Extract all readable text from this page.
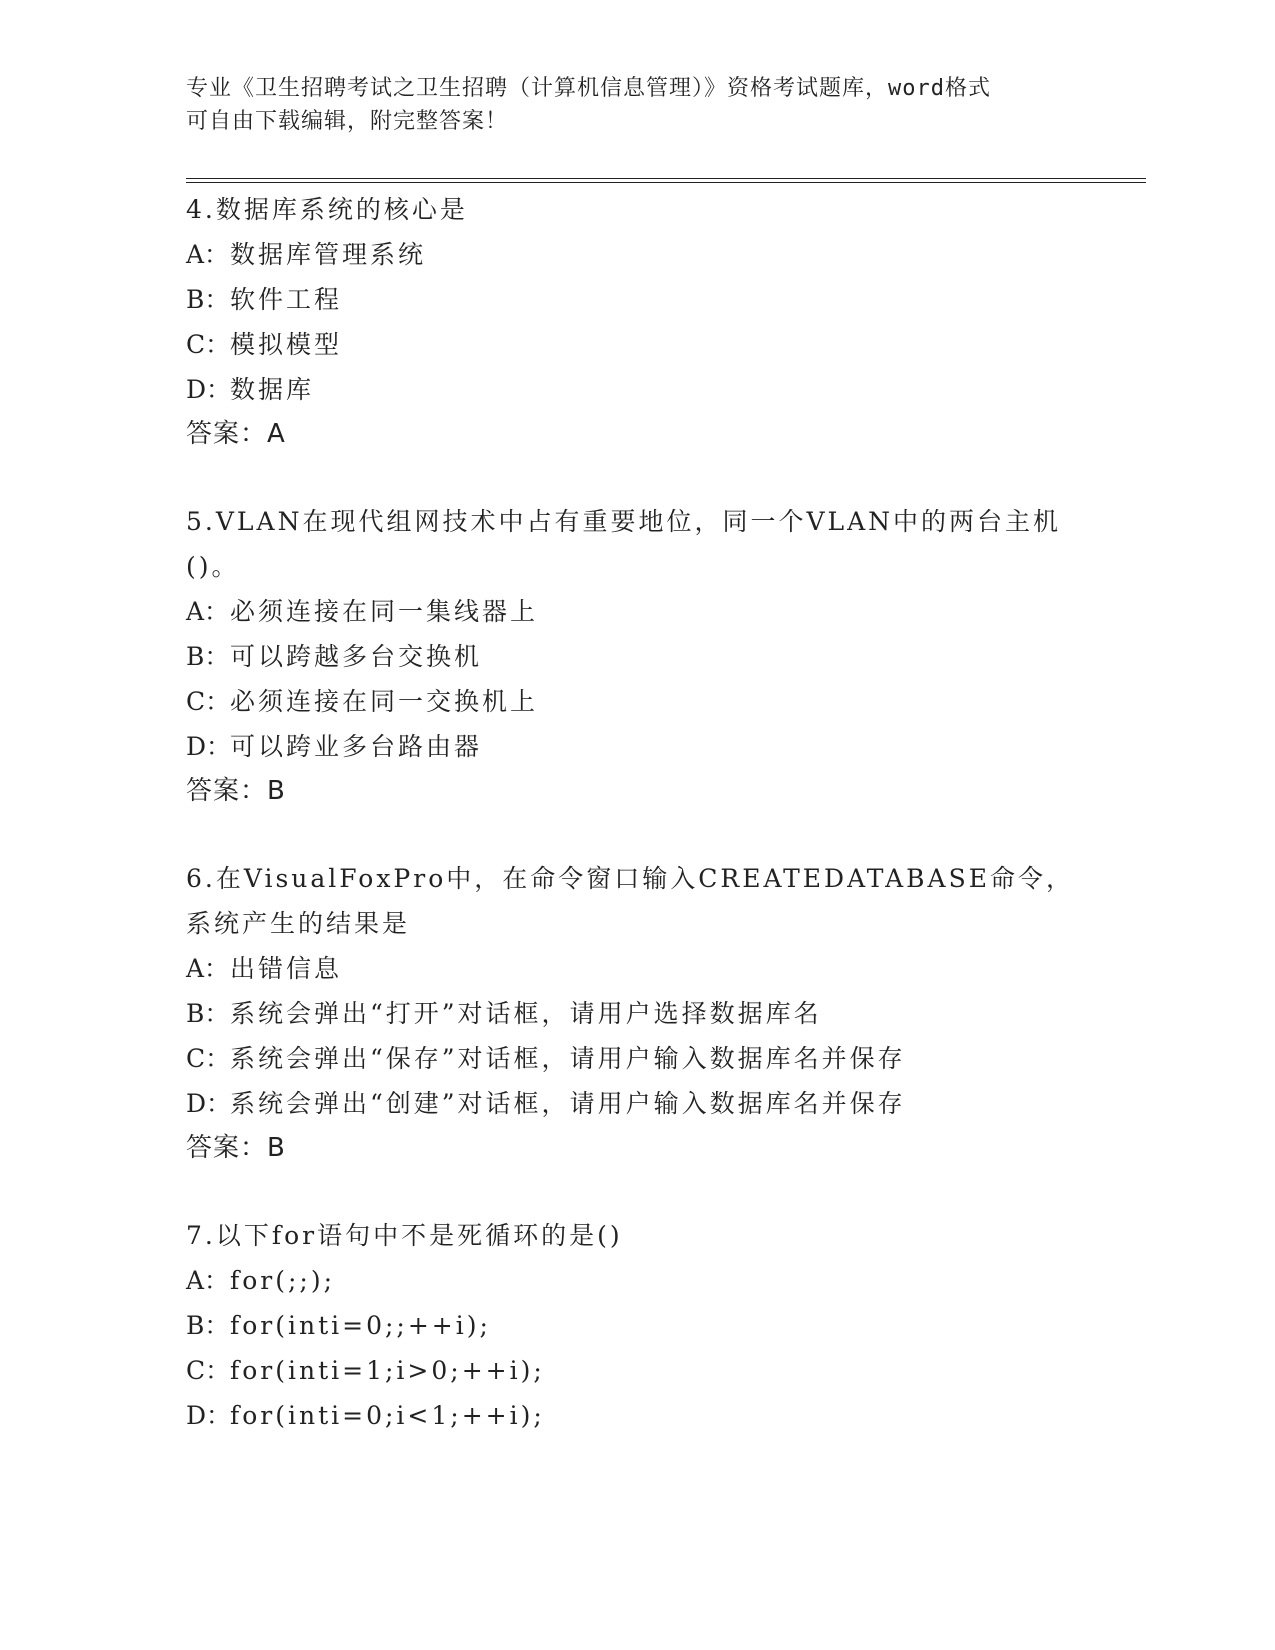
专业《卫生招聘考试之卫生招聘（计算机信息管理）》资格考试题库，word格式
可自由下载编辑，附完整答案！
4.数据库系统的核心是
A：数据库管理系统
B：软件工程
C：模拟模型
D：数据库
答案：A
5.VLAN在现代组网技术中占有重要地位，同一个VLAN中的两台主机()。
A：必须连接在同一集线器上
B：可以跨越多台交换机
C：必须连接在同一交换机上
D：可以跨业多台路由器
答案：B
6.在VisualFoxPro中，在命令窗口输入CREATEDATABASE命令，系统产生的结果是
A：出错信息
B：系统会弹出“打开”对话框，请用户选择数据库名
C：系统会弹出“保存”对话框，请用户输入数据库名并保存
D：系统会弹出“创建”对话框，请用户输入数据库名并保存
答案：B
7.以下for语句中不是死循环的是()
A：for(;;);
B：for(inti=0;;++i);
C：for(inti=1;i>0;++i);
D：for(inti=0;i<1;++i);
